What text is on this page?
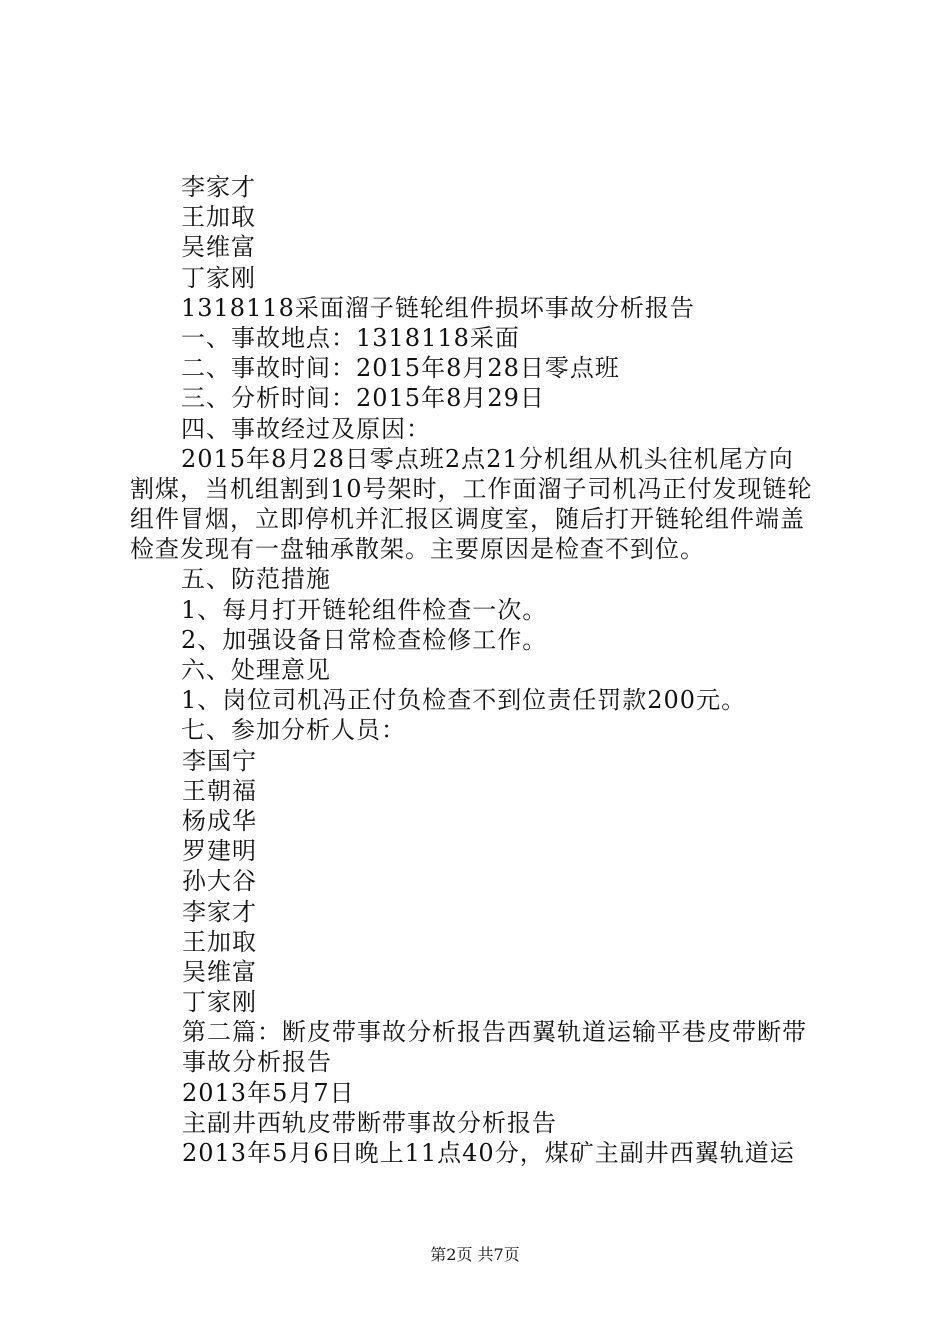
李家才
王加取
吴维富
丁家刚
1318118采面溜子链轮组件损坏事故分析报告
一、事故地点：1318118采面
二、事故时间：2015年8月28日零点班
三、分析时间：2015年8月29日
四、事故经过及原因：
2015年8月28日零点班2点21分机组从机头往机尾方向
割煤，当机组割到10号架时，工作面溜子司机冯正付发现链轮
组件冒烟，立即停机并汇报区调度室，随后打开链轮组件端盖
检查发现有一盘轴承散架。主要原因是检查不到位。
五、防范措施
1、每月打开链轮组件检查一次。
2、加强设备日常检查检修工作。
六、处理意见
1、岗位司机冯正付负检查不到位责任罚款200元。
七、参加分析人员：
李国宁
王朝福
杨成华
罗建明
孙大谷
李家才
王加取
吴维富
丁家刚
第二篇：断皮带事故分析报告西翼轨道运输平巷皮带断带
事故分析报告
2013年5月7日
主副井西轨皮带断带事故分析报告
2013年5月6日晚上11点40分，煤矿主副井西翼轨道运
第2页 共7页
